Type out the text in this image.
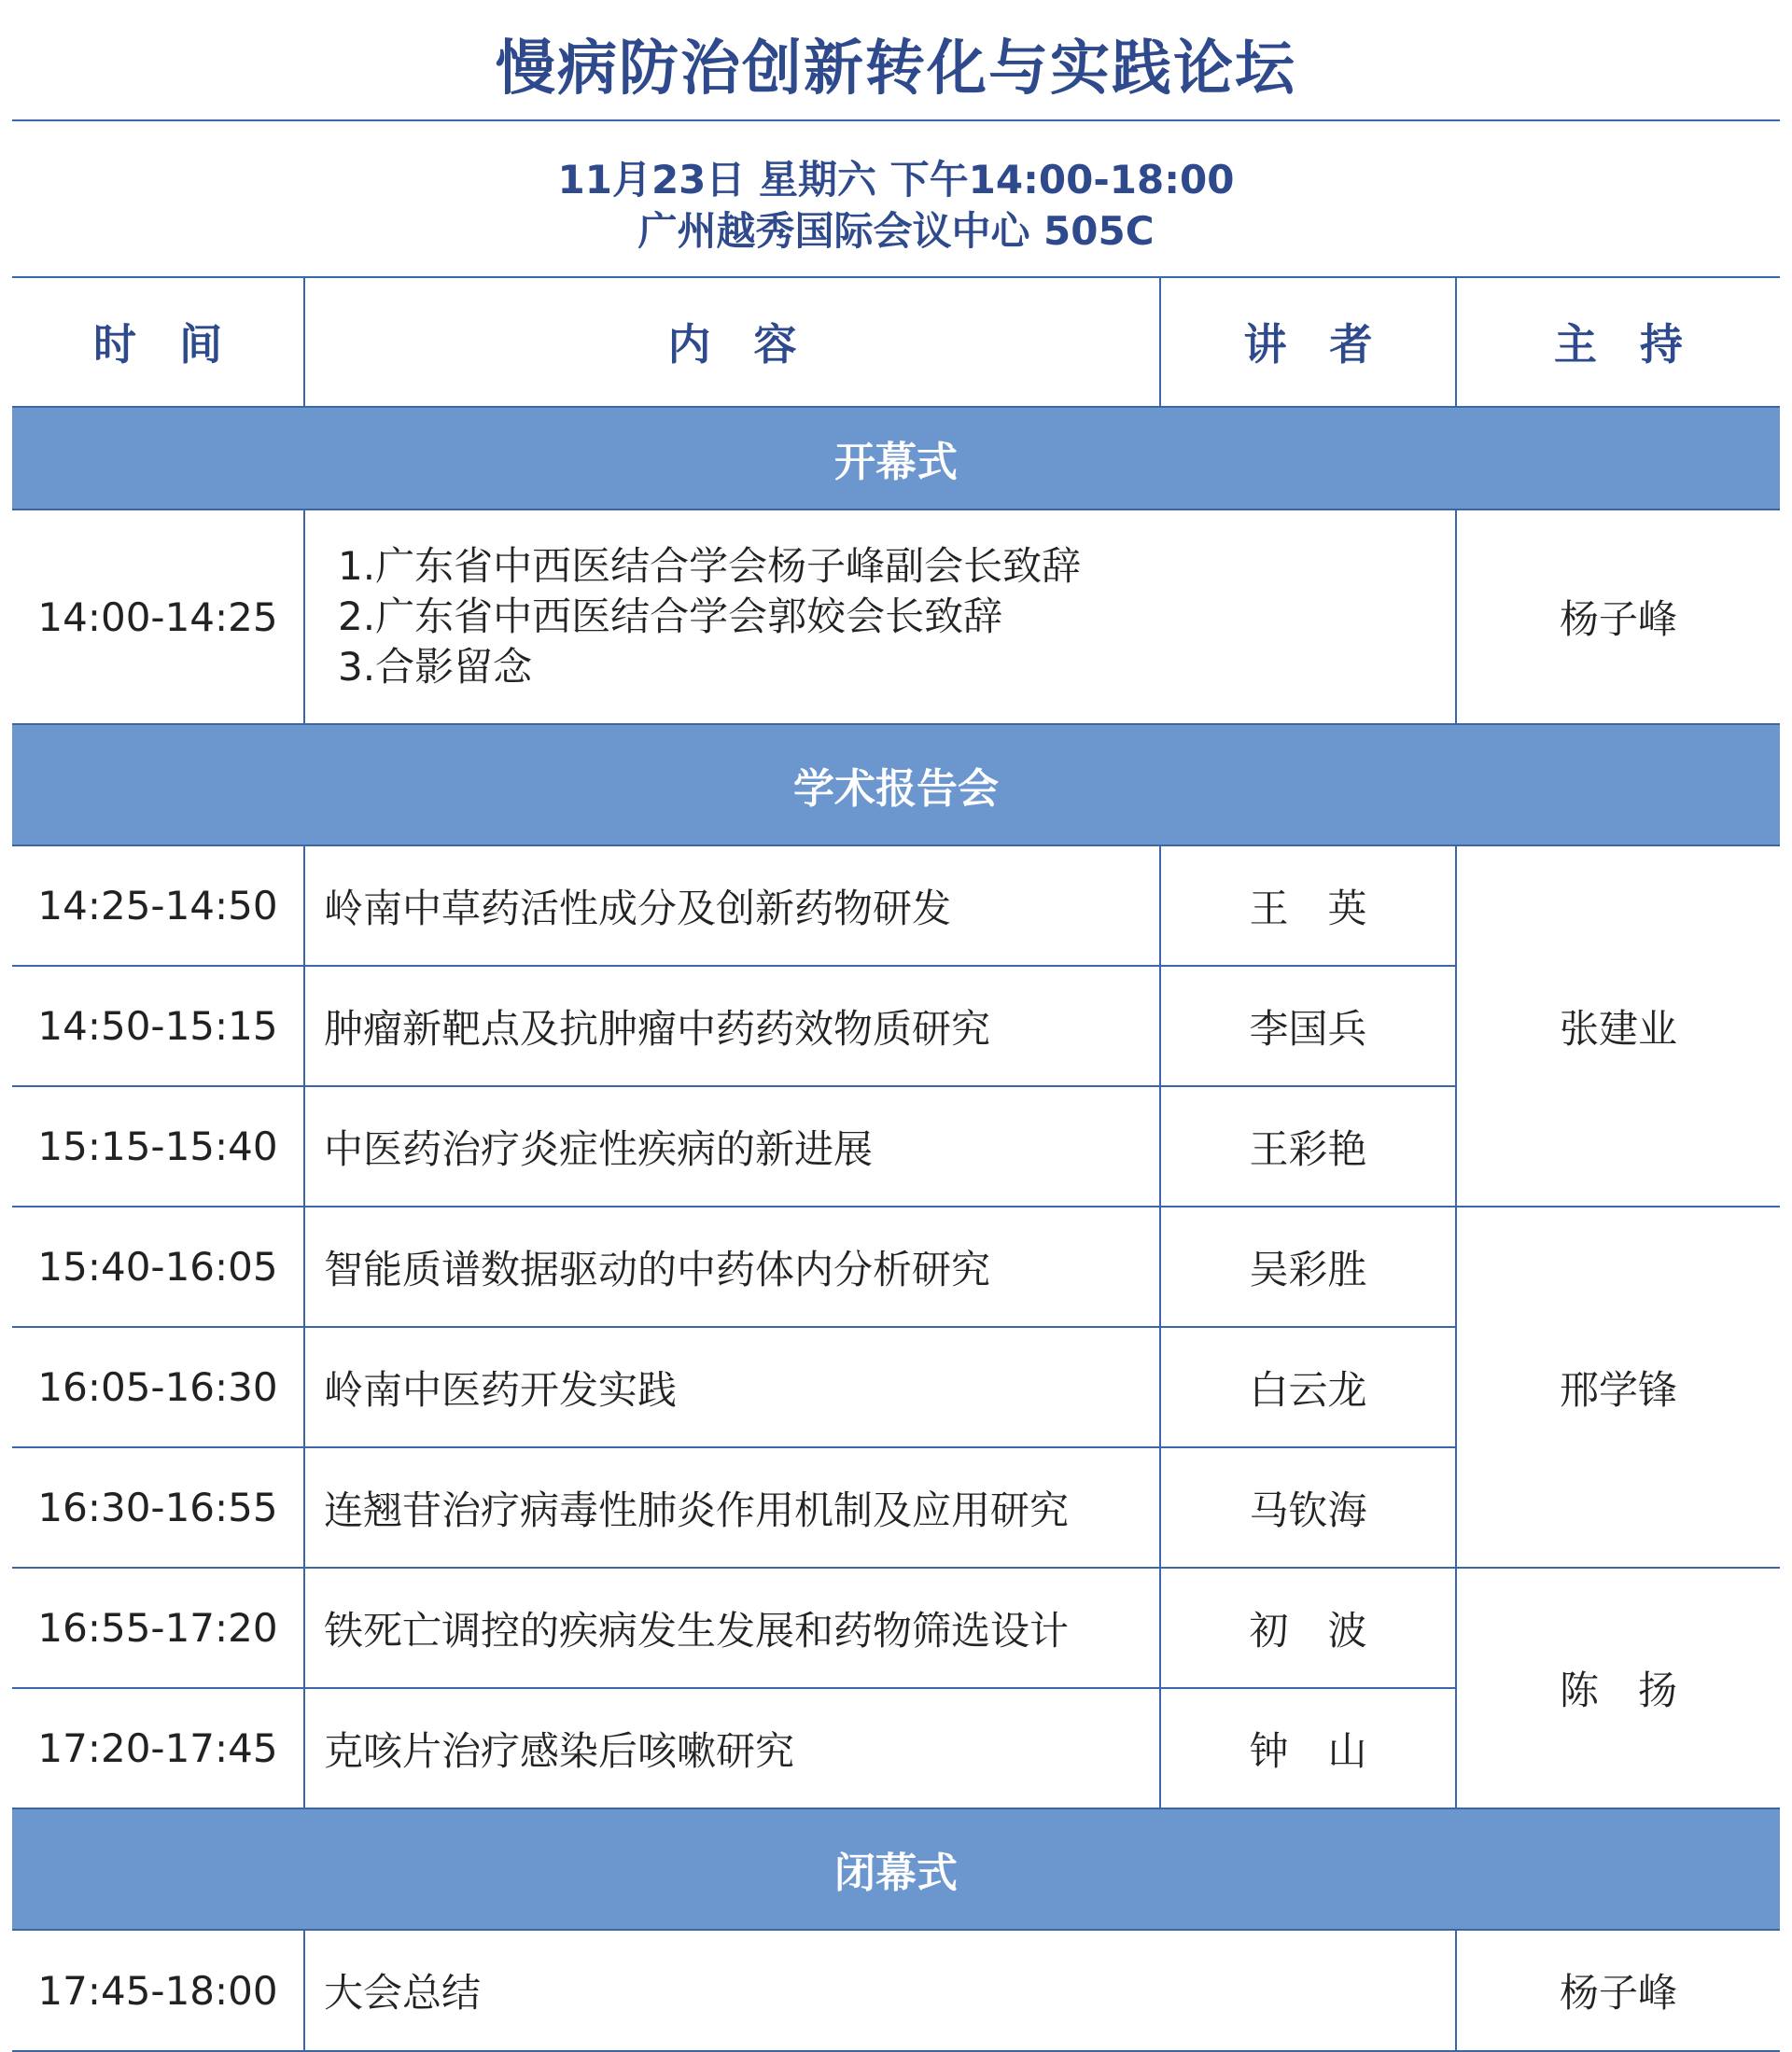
慢病防治创新转化与实践论坛
11月23日 星期六 下午14:00-18:00
广州越秀国际会议中心 505C
时　间	内　容	讲　者	主　持
开幕式			
14:00-14:25	1.广东省中西医结合学会杨子峰副会长致辞
2.广东省中西医结合学会郭姣会长致辞
3.合影留念		杨子峰
学术报告会			
14:25-14:50	岭南中草药活性成分及创新药物研发	王　英	张建业
14:50-15:15	肿瘤新靶点及抗肿瘤中药药效物质研究	李国兵	
15:15-15:40	中医药治疗炎症性疾病的新进展	王彩艳	
15:40-16:05	智能质谱数据驱动的中药体内分析研究	吴彩胜	邢学锋
16:05-16:30	岭南中医药开发实践	白云龙	
16:30-16:55	连翘苷治疗病毒性肺炎作用机制及应用研究	马钦海	
16:55-17:20	铁死亡调控的疾病发生发展和药物筛选设计	初　波	陈　扬
17:20-17:45	克咳片治疗感染后咳嗽研究	钟　山	
闭幕式			
17:45-18:00	大会总结		杨子峰
